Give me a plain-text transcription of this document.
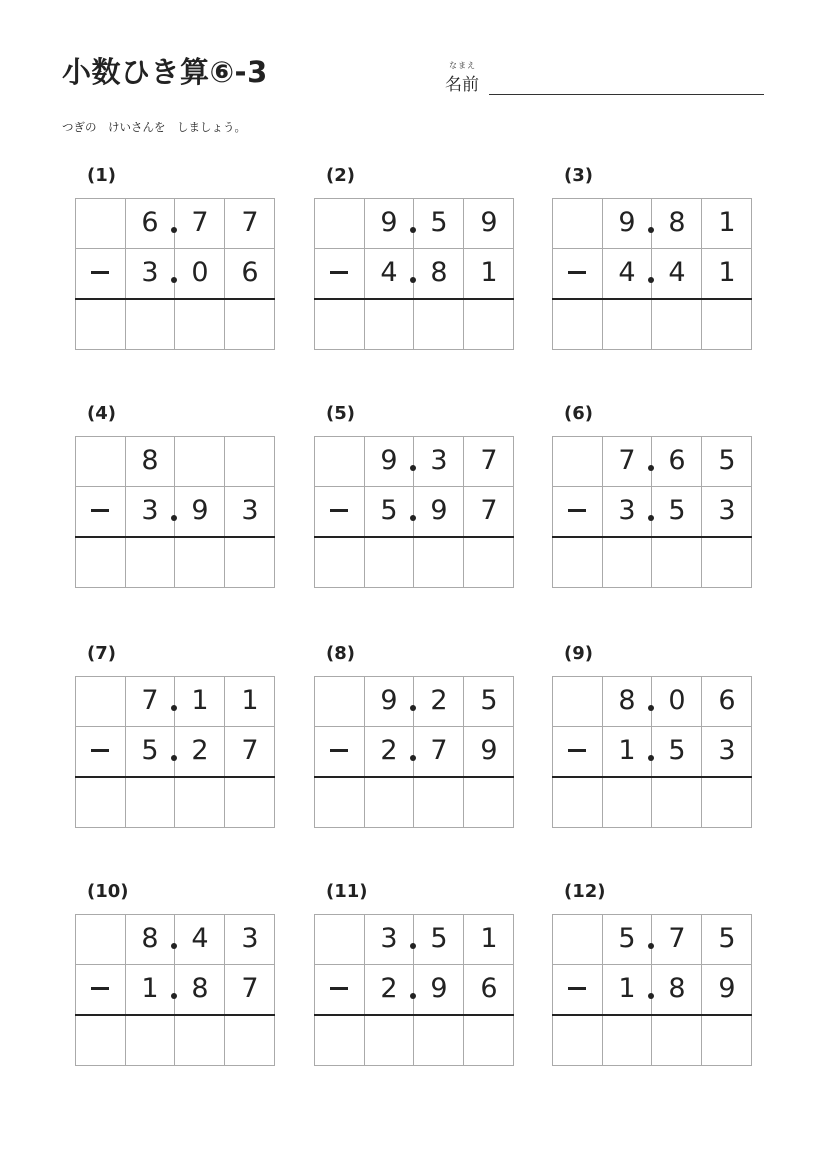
小数ひき算⑥-3	なまえ
名前
つぎの　けいさんを　しましょう。
(1)
6	7	7
3	0	6
(2)
9	5	9
4	8	1
(3)
9	8	1
4	4	1
(4)
8
3	9	3
(5)
9	3	7
5	9	7
(6)
7	6	5
3	5	3
(7)
7	1	1
5	2	7
(8)
9	2	5
2	7	9
(9)
8	0	6
1	5	3
(10)
8	4	3
1	8	7
(11)
3	5	1
2	9	6
(12)
5	7	5
1	8	9
